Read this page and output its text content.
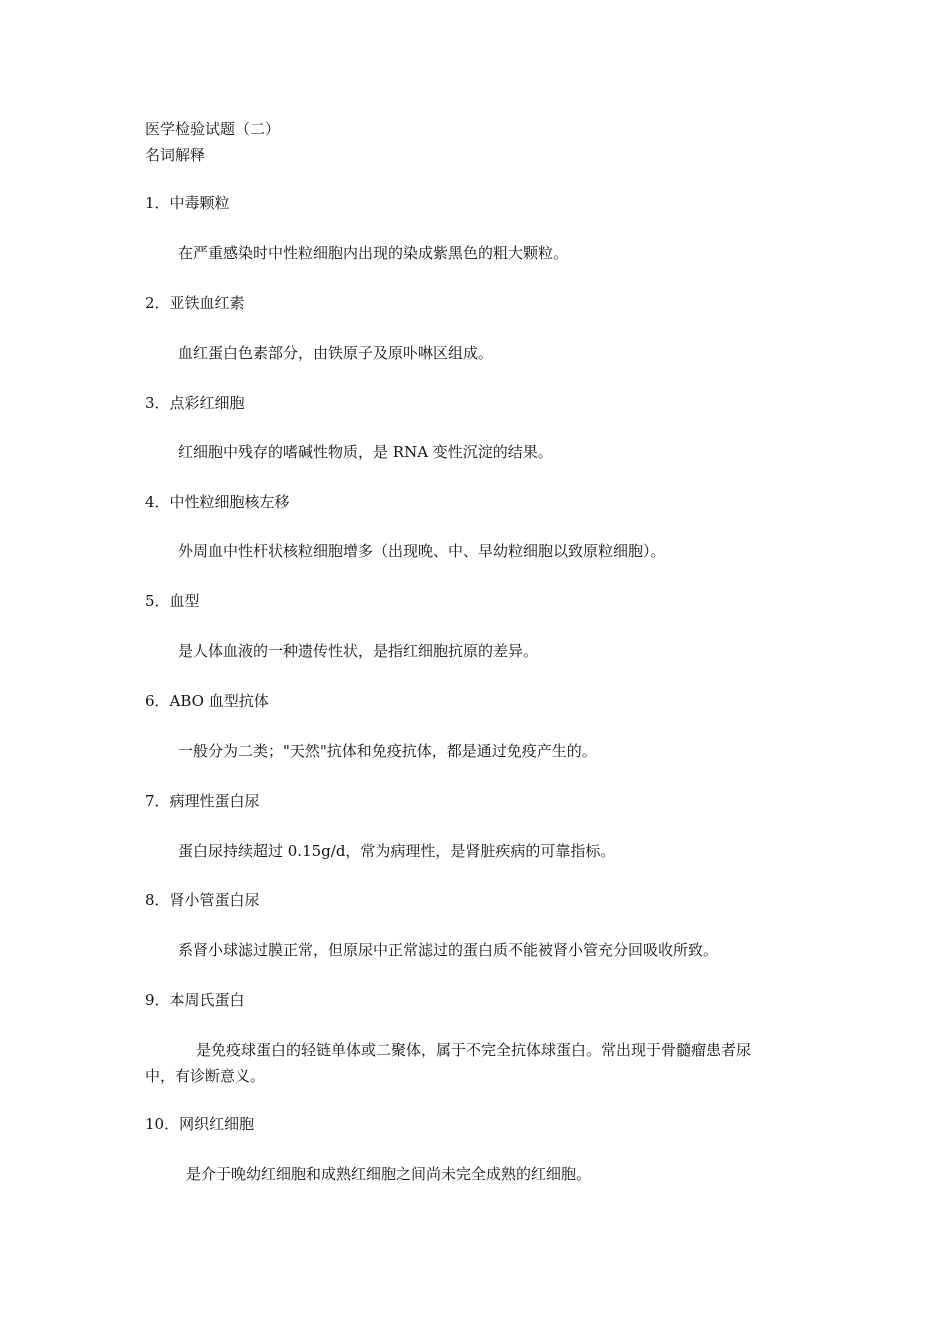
医学检验试题（二）
名词解释
1．中毒颗粒
在严重感染时中性粒细胞内出现的染成紫黑色的粗大颗粒。
2．亚铁血红素
血红蛋白色素部分，由铁原子及原卟啉区组成。
3．点彩红细胞
红细胞中残存的嗜碱性物质，是 RNA 变性沉淀的结果。
4．中性粒细胞核左移
外周血中性杆状核粒细胞增多（出现晚、中、早幼粒细胞以致原粒细胞）。
5．血型
是人体血液的一种遗传性状，是指红细胞抗原的差异。
6．ABO 血型抗体
一般分为二类；"天然"抗体和免疫抗体，都是通过免疫产生的。
7．病理性蛋白尿
蛋白尿持续超过 0.15g/d，常为病理性，是肾脏疾病的可靠指标。
8．肾小管蛋白尿
系肾小球滤过膜正常，但原尿中正常滤过的蛋白质不能被肾小管充分回吸收所致。
9．本周氏蛋白
是免疫球蛋白的轻链单体或二聚体，属于不完全抗体球蛋白。常出现于骨髓瘤患者尿
中，有诊断意义。
10．网织红细胞
是介于晚幼红细胞和成熟红细胞之间尚未完全成熟的红细胞。
